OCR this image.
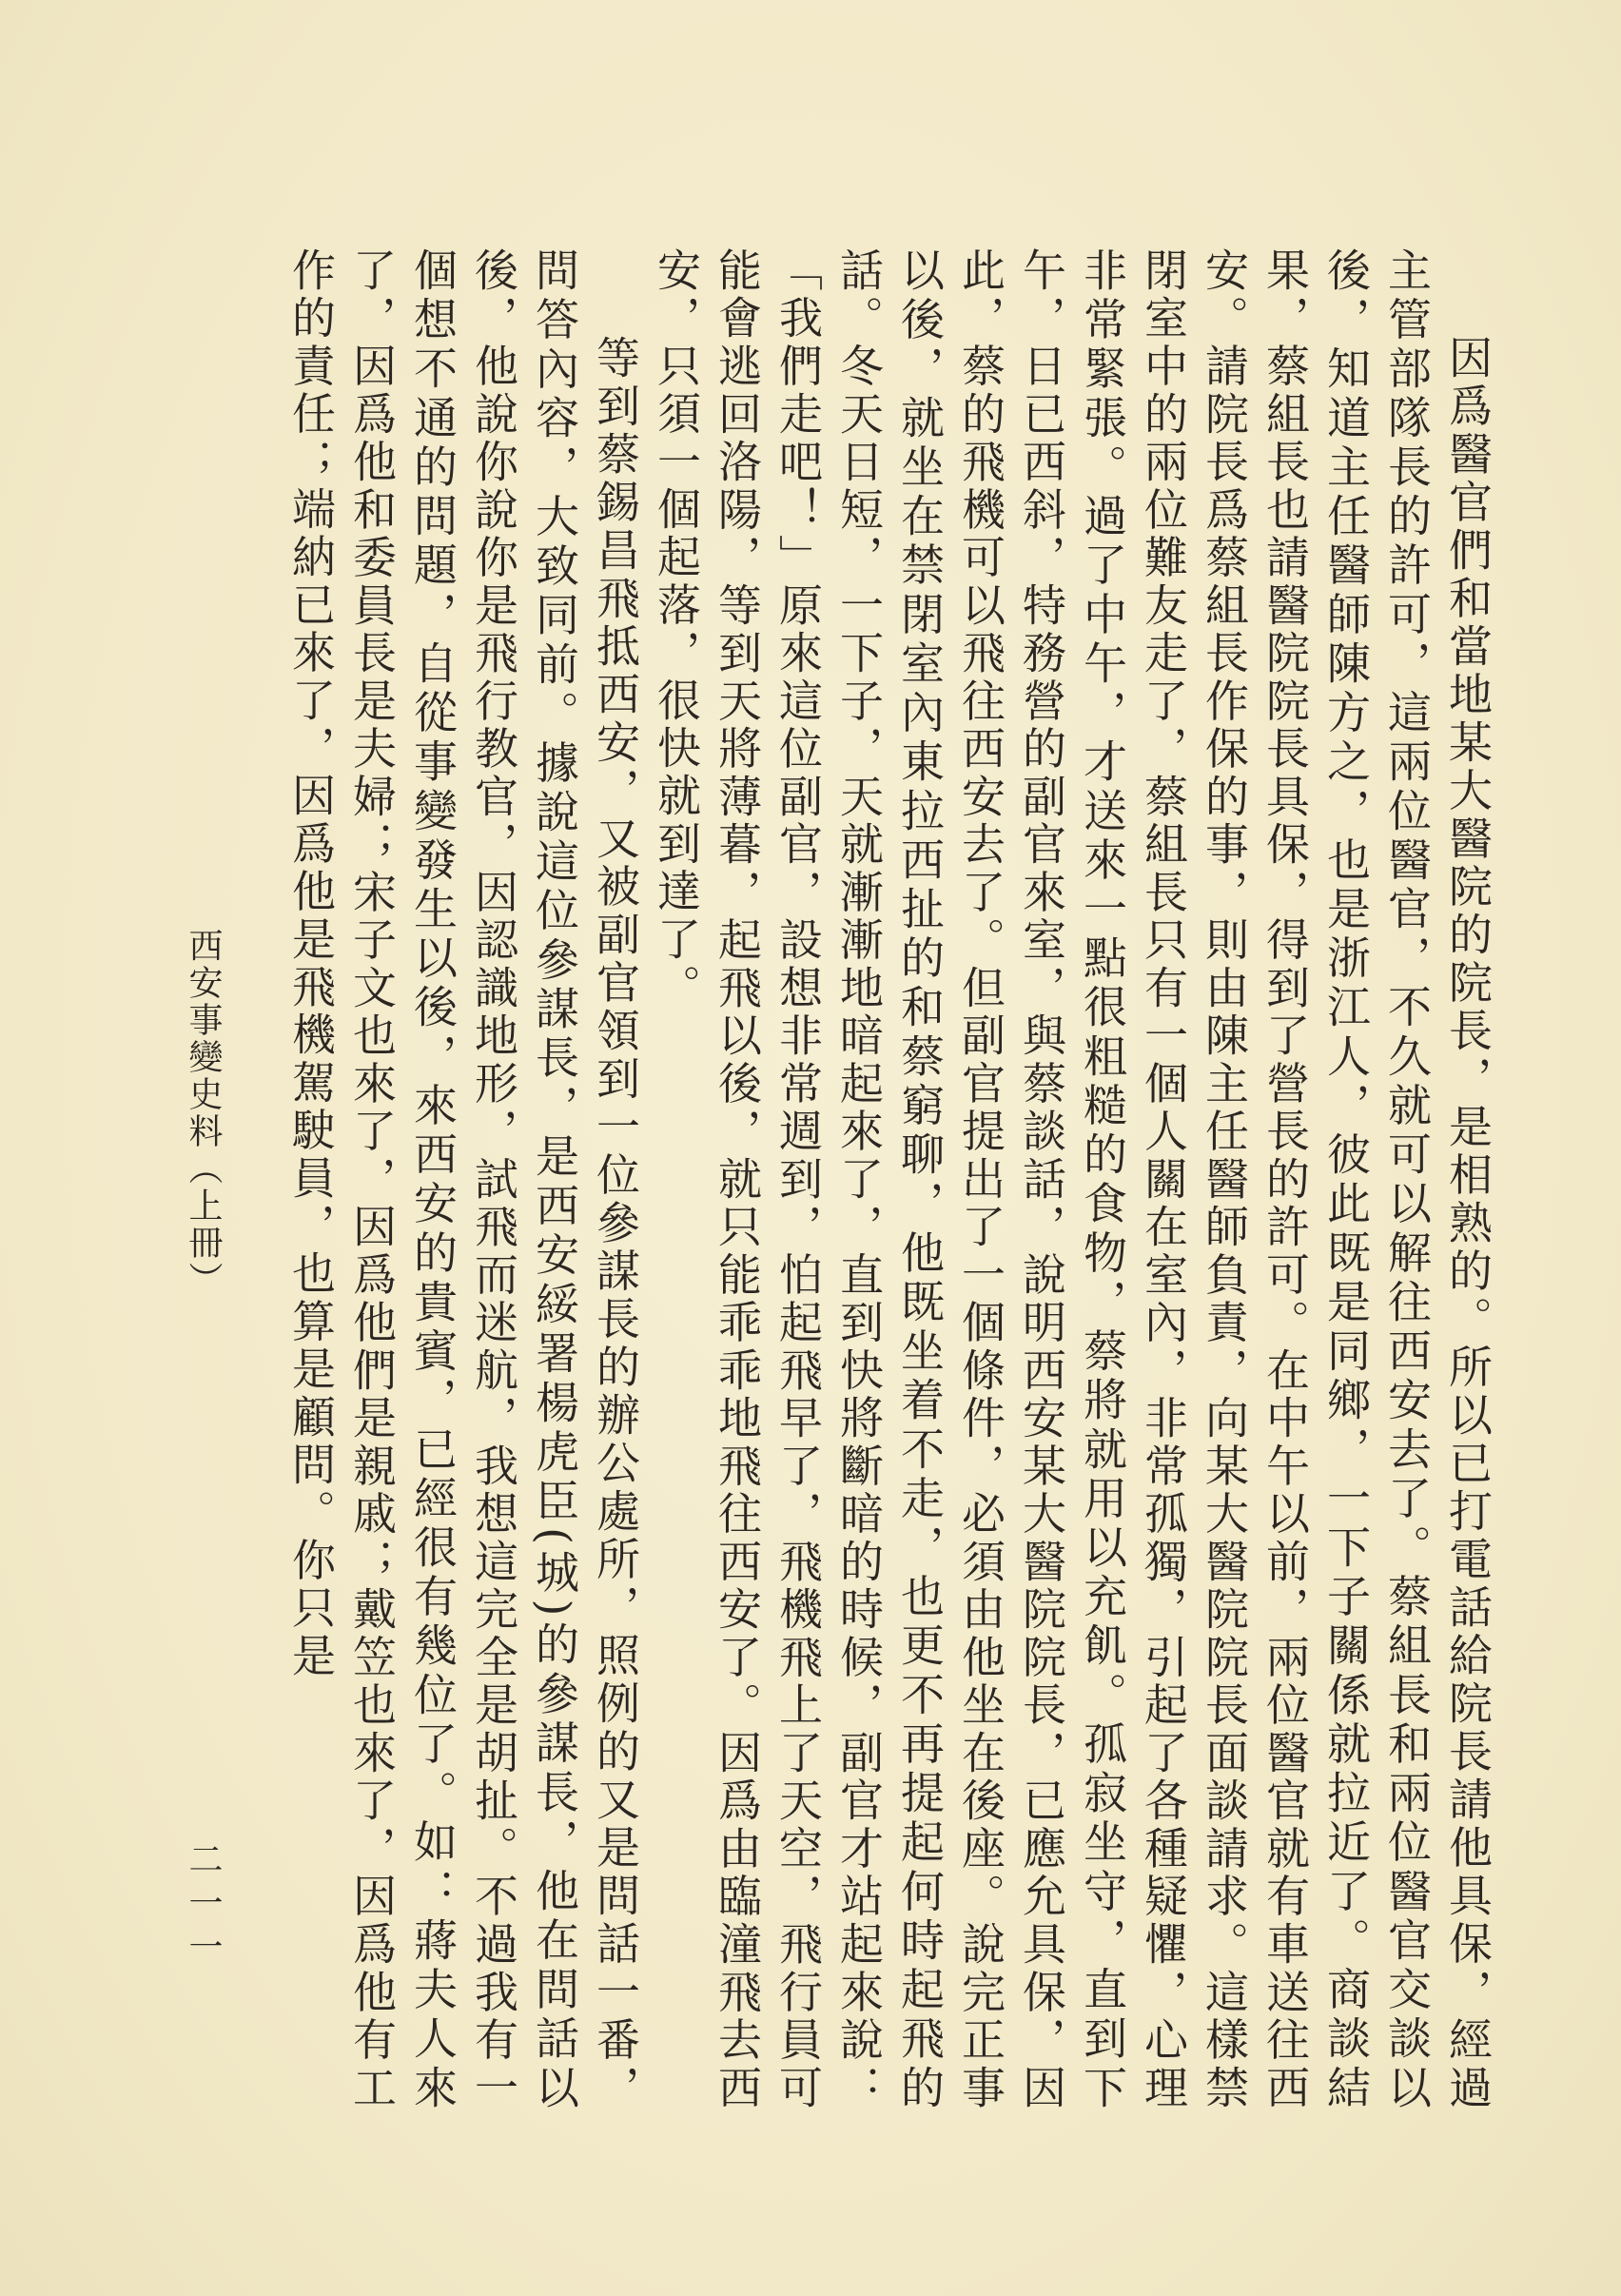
因爲醫官們和當地某大醫院的院長，是相熟的。所以已打電話給院長請他具保，經過主管部隊長的許可，這兩位醫官，不久就可以解往西安去了。蔡組長和兩位醫官交談以後，知道主任醫師陳方之，也是浙江人，彼此既是同鄉，一下子關係就拉近了。商談結果，蔡組長也請醫院院長具保，得到了營長的許可。在中午以前，兩位醫官就有車送往西安。請院長爲蔡組長作保的事，則由陳主任醫師負責，向某大醫院院長面談請求。這樣禁閉室中的兩位難友走了，蔡組長只有一個人關在室內，非常孤獨，引起了各種疑懼，心理非常緊張。過了中午，才送來一點很粗糙的食物，蔡將就用以充飢。孤寂坐守，直到下午，日已西斜，特務營的副官來室，與蔡談話，說明西安某大醫院院長，已應允具保，因此，蔡的飛機可以飛往西安去了。但副官提出了一個條件，必須由他坐在後座。說完正事以後，就坐在禁閉室內東拉西扯的和蔡窮聊，他既坐着不走，也更不再提起何時起飛的話。冬天日短，一下子，天就漸漸地暗起來了，直到快將斷暗的時候，副官才站起來說：「我們走吧！」原來這位副官，設想非常週到，怕起飛早了，飛機飛上了天空，飛行員可能會逃回洛陽，等到天將薄暮，起飛以後，就只能乖乖地飛往西安了。因爲由臨潼飛去西安，只須一個起落，很快就到達了。

等到蔡錫昌飛抵西安，又被副官領到一位參謀長的辦公處所，照例的又是問話一番，問答內容，大致同前。據說這位參謀長，是西安綏署楊虎臣(城)的參謀長，他在問話以後，他說你說你是飛行教官，因認識地形，試飛而迷航，我想這完全是胡扯。不過我有一個想不通的問題，自從事變發生以後，來西安的貴賓，已經很有幾位了。如：蔣夫人來了，因爲他和委員長是夫婦；宋子文也來了，因爲他們是親戚；戴笠也來了，因爲他有工作的責任；端納已來了，因爲他是飛機駕駛員，也算是顧問。你只是

西安事變史料（上冊）
二一一
